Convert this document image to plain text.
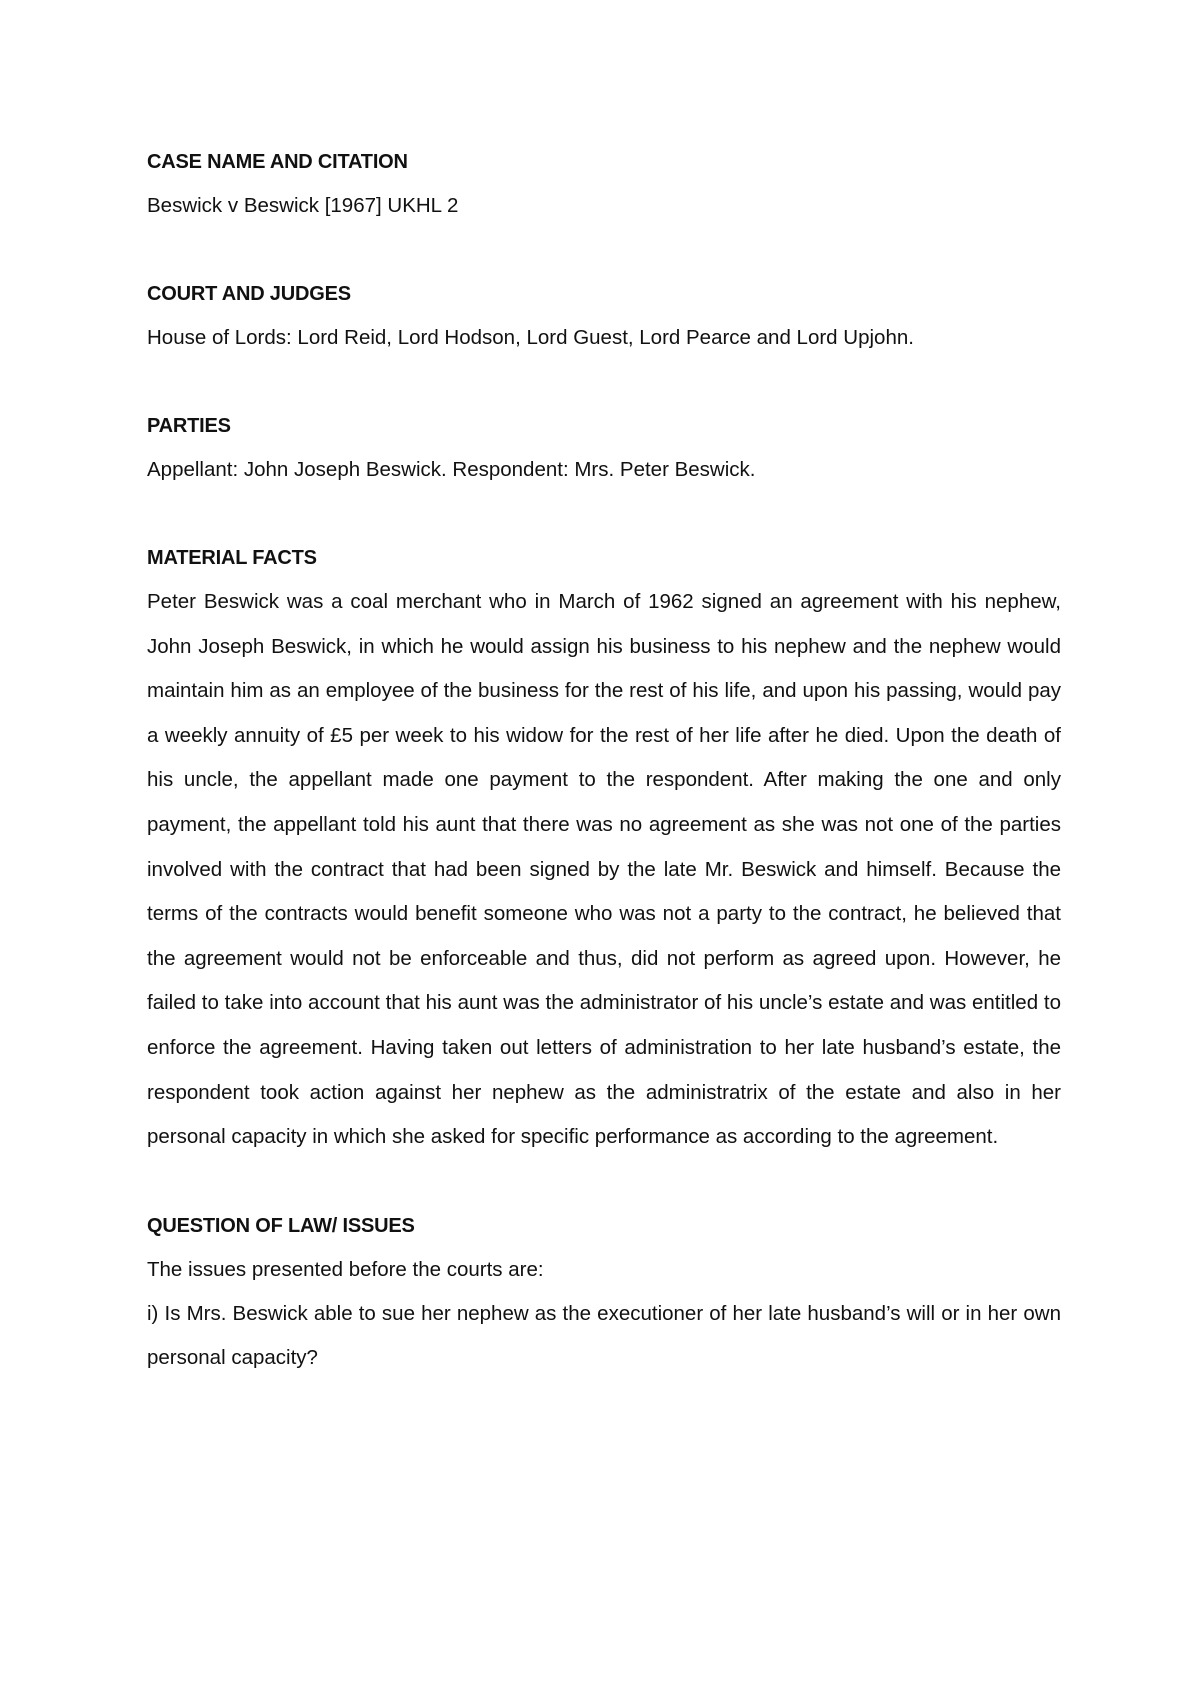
CASE NAME AND CITATION

Beswick v Beswick [1967] UKHL 2

COURT AND JUDGES

House of Lords: Lord Reid, Lord Hodson, Lord Guest, Lord Pearce and Lord Upjohn.

PARTIES

Appellant: John Joseph Beswick. Respondent: Mrs. Peter Beswick.

MATERIAL FACTS

Peter Beswick was a coal merchant who in March of 1962 signed an agreement with his nephew, John Joseph Beswick, in which he would assign his business to his nephew and the nephew would maintain him as an employee of the business for the rest of his life, and upon his passing, would pay a weekly annuity of £5 per week to his widow for the rest of her life after he died. Upon the death of his uncle, the appellant made one payment to the respondent. After making the one and only payment, the appellant told his aunt that there was no agreement as she was not one of the parties involved with the contract that had been signed by the late Mr. Beswick and himself. Because the terms of the contracts would benefit someone who was not a party to the contract, he believed that the agreement would not be enforceable and thus, did not perform as agreed upon. However, he failed to take into account that his aunt was the administrator of his uncle’s estate and was entitled to enforce the agreement. Having taken out letters of administration to her late husband’s estate, the respondent took action against her nephew as the administratrix of the estate and also in her personal capacity in which she asked for specific performance as according to the agreement.

QUESTION OF LAW/ ISSUES

The issues presented before the courts are:

i) Is Mrs. Beswick able to sue her nephew as the executioner of her late husband’s will or in her own personal capacity?
